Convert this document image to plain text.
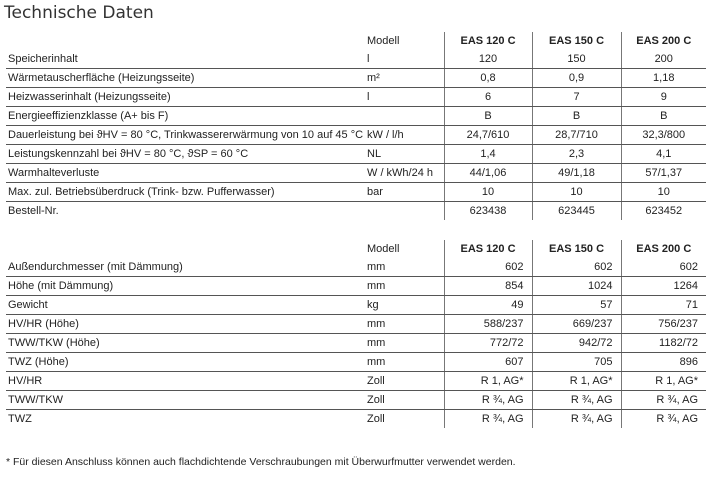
Technische Daten
	Modell	EAS 120 C	EAS 150 C	EAS 200 C
Speicherinhalt	l	120	150	200
Wärmetauscherfläche (Heizungsseite)	m²	0,8	0,9	1,18
Heizwasserinhalt (Heizungsseite)	l	6	7	9
Energieeffizienzklasse (A+ bis F)		B	B	B
Dauerleistung bei ϑHV = 80 °C, Trinkwassererwärmung von 10 auf 45 °C	kW / l/h	24,7/610	28,7/710	32,3/800
Leistungskennzahl bei ϑHV = 80 °C, ϑSP = 60 °C	NL	1,4	2,3	4,1
Warmhalteverluste	W / kWh/24 h	44/1,06	49/1,18	57/1,37
Max. zul. Betriebsüberdruck (Trink- bzw. Pufferwasser)	bar	10	10	10
Bestell-Nr.		623438	623445	623452
	Modell	EAS 120 C	EAS 150 C	EAS 200 C
Außendurchmesser (mit Dämmung)	mm	602	602	602
Höhe (mit Dämmung)	mm	854	1024	1264
Gewicht	kg	49	57	71
HV/HR (Höhe)	mm	588/237	669/237	756/237
TWW/TKW (Höhe)	mm	772/72	942/72	1182/72
TWZ (Höhe)	mm	607	705	896
HV/HR	Zoll	R 1, AG*	R 1, AG*	R 1, AG*
TWW/TKW	Zoll	R ¾, AG	R ¾, AG	R ¾, AG
TWZ	Zoll	R ¾, AG	R ¾, AG	R ¾, AG
* Für diesen Anschluss können auch flachdichtende Verschraubungen mit Überwurfmutter verwendet werden.
